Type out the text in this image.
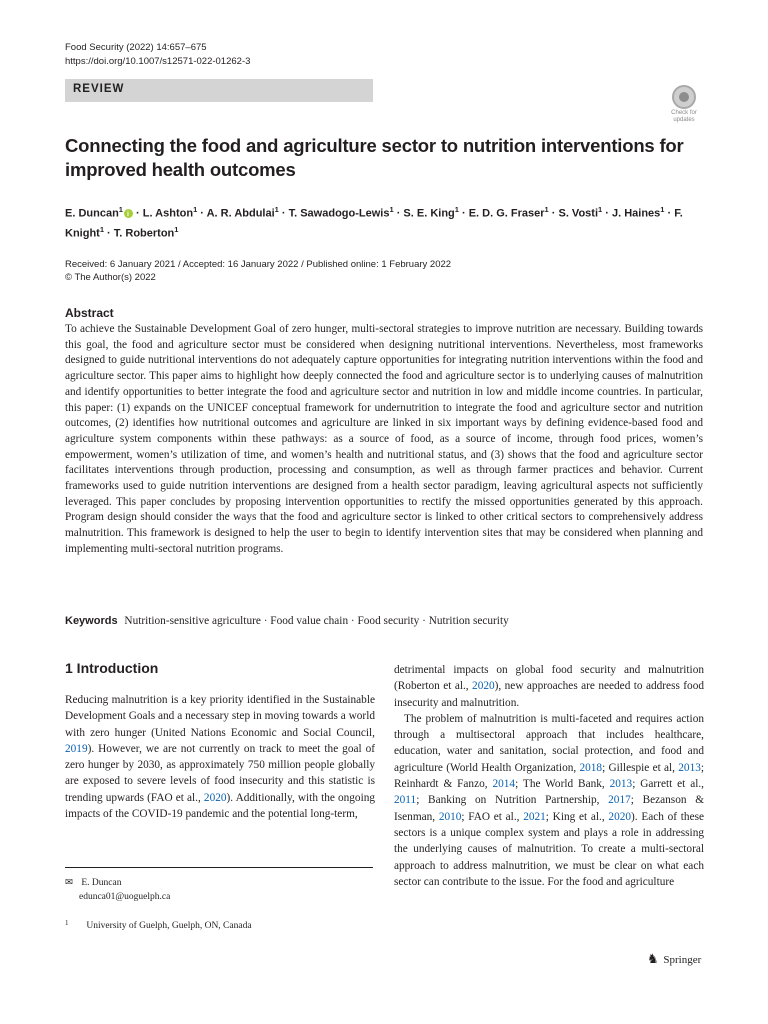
Food Security (2022) 14:657–675
https://doi.org/10.1007/s12571-022-01262-3
REVIEW
Check for
updates
Connecting the food and agriculture sector to nutrition interventions for improved health outcomes
E. Duncan$^1$i · L. Ashton$^1$ · A. R. Abdulai$^1$ · T. Sawadogo-Lewis$^1$ · S. E. King$^1$ · E. D. G. Fraser$^1$ · S. Vosti$^1$ · J. Haines$^1$ · F. Knight$^1$ · T. Roberton$^1$
Received: 6 January 2021 / Accepted: 16 January 2022 / Published online: 1 February 2022
© The Author(s) 2022
Abstract
To achieve the Sustainable Development Goal of zero hunger, multi-sectoral strategies to improve nutrition are necessary. Building towards this goal, the food and agriculture sector must be considered when designing nutritional interventions. Nevertheless, most frameworks designed to guide nutritional interventions do not adequately capture opportunities for integrating nutrition interventions within the food and agriculture sector. This paper aims to highlight how deeply connected the food and agriculture sector is to underlying causes of malnutrition and identify opportunities to better integrate the food and agriculture sector and nutrition in low and middle income countries. In particular, this paper: (1) expands on the UNICEF conceptual framework for undernutrition to integrate the food and agriculture sector and nutrition outcomes, (2) identifies how nutritional outcomes and agriculture are linked in six important ways by defining evidence-based food and agriculture system components within these pathways: as a source of food, as a source of income, through food prices, women’s empowerment, women’s utilization of time, and women’s health and nutritional status, and (3) shows that the food and agriculture sector facilitates interventions through production, processing and consumption, as well as through farmer practices and behavior. Current frameworks used to guide nutrition interventions are designed from a health sector paradigm, leaving agricultural aspects not sufficiently leveraged. This paper concludes by proposing intervention opportunities to rectify the missed opportunities generated by this approach. Program design should consider the ways that the food and agriculture sector is linked to other critical sectors to comprehensively address malnutrition. This framework is designed to help the user to begin to identify intervention sites that may be considered when planning and implementing multi-sectoral nutrition programs.
Keywords Nutrition-sensitive agriculture · Food value chain · Food security · Nutrition security
1 Introduction

Reducing malnutrition is a key priority identified in the Sustainable Development Goals and a necessary step in moving towards a world with zero hunger (United Nations Economic and Social Council, 2019). However, we are not currently on track to meet the goal of zero hunger by 2030, as approximately 750 million people globally are exposed to severe levels of food insecurity and this statistic is trending upwards (FAO et al., 2020). Additionally, with the ongoing impacts of the COVID-19 pandemic and the potential long-term,

detrimental impacts on global food security and malnutrition (Roberton et al., 2020), new approaches are needed to address food insecurity and malnutrition.

The problem of malnutrition is multi-faceted and requires action through a multisectoral approach that includes healthcare, education, water and sanitation, social protection, and food and agriculture (World Health Organization, 2018; Gillespie et al, 2013; Reinhardt & Fanzo, 2014; The World Bank, 2013; Garrett et al., 2011; Banking on Nutrition Partnership, 2017; Bezanson & Isenman, 2010; FAO et al., 2021; King et al., 2020). Each of these sectors is a unique complex system and plays a role in addressing the underlying causes of malnutrition. To create a multi-sectoral approach to address malnutrition, we must be clear on what each sector can contribute to the issue. For the food and agriculture

✉ E. Duncan
edunca01@uoguelph.ca
1 University of Guelph, Guelph, ON, Canada
♞ Springer
